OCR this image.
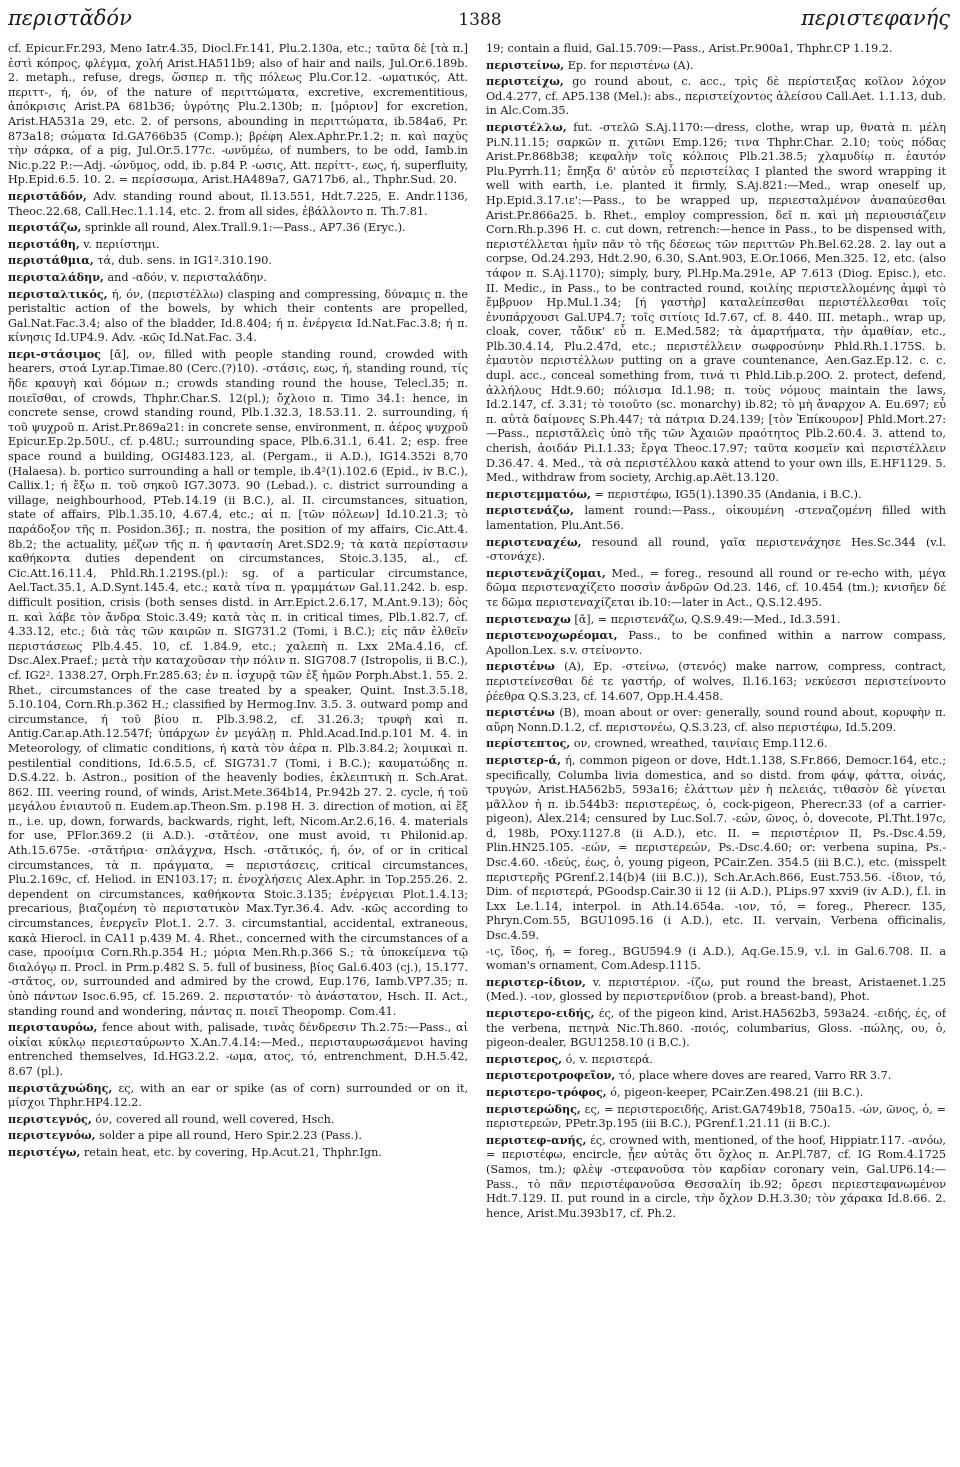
περιστᾰδόν	1388	περιστεφανής

cf. Epicur.Fr.293, Meno Iatr.4.35, Diocl.Fr.141, Plu.2.130a, etc.; ταῦτα δὲ [τὰ π.] ἐστὶ κόπρος, φλέγμα, χολή Arist.HA511b9; also of hair and nails, Jul.Or.6.189b. 2. metaph., refuse, dregs, ὥσπερ π. τῆς πόλεως Plu.Cor.12. -ωματικός, Att. περιττ-, ή, όν, of the nature of περιττώματα, excretive, excrementitious, ἀπόκρισις Arist.PA 681b36; ὑγρότης Plu.2.130b; π. [μόριον] for excretion, Arist.HA531a 29, etc. 2. of persons, abounding in περιττώματα, ib.584a6, Pr. 873a18; σώματα Id.GA766b35 (Comp.); βρέφη Alex.Aphr.Pr.1.2; π. καὶ παχὺς τὴν σάρκα, of a pig, Jul.Or.5.177c. -ωνῠμέω, of numbers, to be odd, Iamb.in Nic.p.22 P.:—Adj. -ώνῠμος, odd, ib. p.84 P. -ωσις, Att. περίττ-, εως, ή, superfluity, Hp.Epid.6.5. 10. 2. = περίσσωμα, Arist.HA489a7, GA717b6, al., Thphr.Sud. 20.

περιστᾰδόν, Adv. standing round about, Il.13.551, Hdt.7.225, E. Andr.1136, Theoc.22.68, Call.Hec.1.1.14, etc. 2. from all sides, ἐβάλλοντο π. Th.7.81.

περιστάζω, sprinkle all round, Alex.Trall.9.1:—Pass., AP7.36 (Eryc.).

περιστάθη, v. περιίστημι.

περιστάθμια, τά, dub. sens. in IG1².310.190.

περισταλάδην, and -αδόν, v. περισταλάδην.

περισταλτικός, ή, όν, (περιστέλλω) clasping and compressing, δύναμις π. the peristaltic action of the bowels, by which their contents are propelled, Gal.Nat.Fac.3.4; also of the bladder, Id.8.404; ή π. ἐνέργεια Id.Nat.Fac.3.8; ή π. κίνησις Id.UP4.9. Adv. -κῶς Id.Nat.Fac. 3.4.

περι-στάσιμος [ᾰ], ον, filled with people standing round, crowded with hearers, στοά Lyr.ap.Timae.80 (Cerc.(?)10). -στάσις, εως, ή, standing round, τίς ἥδε κραυγὴ καὶ δόμων π.; crowds standing round the house, Telecl.35; π. ποιεῖσθαι, of crowds, Thphr.Char.S. 12(pl.); ὄχλοιο π. Timo 34.1: hence, in concrete sense, crowd standing round, Plb.1.32.3, 18.53.11. 2. surrounding, ή τοῦ ψυχροῦ π. Arist.Pr.869a21: in concrete sense, environment, π. ἀέρος ψυχροῦ Epicur.Ep.2p.50U., cf. p.48U.; surrounding space, Plb.6.31.1, 6.41. 2; esp. free space round a building, OGI483.123, al. (Pergam., ii A.D.), IG14.352i 8,70 (Halaesa). b. portico surrounding a hall or temple, ib.4²(1).102.6 (Epid., iv B.C.), Callix.1; ή ἔξω π. τοῦ σηκοῦ IG7.3073. 90 (Lebad.). c. district surrounding a village, neighbourhood, PTeb.14.19 (ii B.C.), al. II. circumstances, situation, state of affairs, Plb.1.35.10, 4.67.4, etc.; αἱ π. [τῶν πόλεων] Id.10.21.3; τὸ παράδοξον τῆς π. Posidon.36J.; π. nostra, the position of my affairs, Cic.Att.4. 8b.2; the actuality, μέζων τῆς π. ή φαντασίη Aret.SD2.9; τὰ κατὰ περίστασιν καθήκοντα duties dependent on circumstances, Stoic.3.135, al., cf. Cic.Att.16.11.4, Phld.Rh.1.219S.(pl.): sg. of a particular circumstance, Ael.Tact.35.1, A.D.Synt.145.4, etc.; κατὰ τίνα π. γραμμάτων Gal.11.242. b. esp. difficult position, crisis (both senses distd. in Arr.Epict.2.6.17, M.Ant.9.13); δὸς π. καὶ λάβε τὸν ἄνδρα Stoic.3.49; κατὰ τὰς π. in critical times, Plb.1.82.7, cf. 4.33.12, etc.; διὰ τὰς τῶν καιρῶν π. SIG731.2 (Tomi, i B.C.); εἰς πᾶν ἐλθεῖν περιστάσεως Plb.4.45. 10, cf. 1.84.9, etc.; χαλεπὴ π. Lxx 2Ma.4.16, cf. Dsc.Alex.Praef.; μετὰ τὴν καταχοῦσαν τὴν πόλιν π. SIG708.7 (Istropolis, ii B.C.), cf. IG2². 1338.27, Orph.Fr.285.63; ἐν π. ἰσχυρᾷ τῶν ἐξ ἡμῶν Porph.Abst.1. 55. 2. Rhet., circumstances of the case treated by a speaker, Quint. Inst.3.5.18, 5.10.104, Corn.Rh.p.362 H.; classified by Hermog.Inv. 3.5. 3. outward pomp and circumstance, ή τοῦ βίου π. Plb.3.98.2, cf. 31.26.3; τρυφὴ καὶ π. Antig.Car.ap.Ath.12.547f; ὑπάρχων ἐν μεγάλῃ π. Phld.Acad.Ind.p.101 M. 4. in Meteorology, of climatic conditions, ή κατὰ τὸν ἀέρα π. Plb.3.84.2; λοιμικαὶ π. pestilential conditions, Id.6.5.5, cf. SIG731.7 (Tomi, i B.C.); καυματώδης π. D.S.4.22. b. Astron., position of the heavenly bodies, ἐκλειπτικὴ π. Sch.Arat. 862. III. veering round, of winds, Arist.Mete.364b14, Pr.942b 27. 2. cycle, ή τοῦ μεγάλου ἐνιαυτοῦ π. Eudem.ap.Theon.Sm. p.198 H. 3. direction of motion, αἱ ἕξ π., i.e. up, down, forwards, backwards, right, left, Nicom.Ar.2.6,16. 4. materials for use, PFlor.369.2 (ii A.D.). -στᾰτέον, one must avoid, τι Philonid.ap. Ath.15.675e. -στᾰτήρια· σπλάγχνα, Hsch. -στᾰτικός, ή, όν, of or in critical circumstances, τὰ π. πράγματα, = περιστάσεις, critical circumstances, Plu.2.169c, cf. Heliod. in EN103.17; π. ἐνοχλήσεις Alex.Aphr. in Top.255.26. 2. dependent on circumstances, καθήκοντα Stoic.3.135; ἐνέργειαι Plot.1.4.13; precarious, βιαζομένη τὸ περιστατικὸν Max.Tyr.36.4. Adv. -κῶς according to circumstances, ἐνεργεῖν Plot.1. 2.7. 3. circumstantial, accidental, extraneous, κακὰ Hierocl. in CA11 p.439 M. 4. Rhet., concerned with the circumstances of a case, προοίμια Corn.Rh.p.354 H.; μόρια Men.Rh.p.366 S.; τὰ ὑποκείμενα τῷ διαλόγῳ π. Procl. in Prm.p.482 S. 5. full of business, βίος Gal.6.403 (cj.), 15.177. -στᾰτος, ον, surrounded and admired by the crowd, Eup.176, Iamb.VP7.35; π. ὑπὸ πάντων Isoc.6.95, cf. 15.269. 2. περιστατόν· τὸ ἀνάστατον, Hsch. II. Act., standing round and wondering, πάντας π. ποιεῖ Theopomp. Com.41.

περισταυρόω, fence about with, palisade, τινὰς δένδρεσιν Th.2.75:—Pass., αἱ οἰκίαι κύκλῳ περιεσταύρωντο X.An.7.4.14:—Med., περισταυρωσάμενοι having entrenched themselves, Id.HG3.2.2. -ωμα, ατος, τό, entrenchment, D.H.5.42, 8.67 (pl.).

περιστᾰχυώδης, ες, with an ear or spike (as of corn) surrounded or on it, μίσχοι Thphr.HP4.12.2.

περιστεγνός, όν, covered all round, well covered, Hsch.

περιστεγνόω, solder a pipe all round, Hero Spir.2.23 (Pass.).

περιστέγω, retain heat, etc. by covering, Hp.Acut.21, Thphr.Ign.

19; contain a fluid, Gal.15.709:—Pass., Arist.Pr.900a1, Thphr.CP 1.19.2.

περιστείνω, Ep. for περιστένω (A).

περιστείχω, go round about, c. acc., τρὶς δὲ περίστειξας κοῖλον λόχον Od.4.277, cf. AP5.138 (Mel.): abs., περιστείχοντος ἀλείσου Call.Aet. 1.1.13, dub. in Alc.Com.35.

περιστέλλω, fut. -στελῶ S.Aj.1170:—dress, clothe, wrap up, θνατὰ π. μέλη Pi.N.11.15; σαρκῶν π. χιτῶνι Emp.126; τινα Thphr.Char. 2.10; τοὺς πόδας Arist.Pr.868b38; κεφαλὴν τοῖς κόλποις Plb.21.38.5; χλαμυδίῳ π. ἑαυτόν Plu.Pyrrh.11; ἔπηξα δ' αὐτὸν εὖ περιστείλας I planted the sword wrapping it well with earth, i.e. planted it firmly, S.Aj.821:—Med., wrap oneself up, Hp.Epid.3.17.ιε':—Pass., to be wrapped up, περιεσταλμένον ἀναπαύεσθαι Arist.Pr.866a25. b. Rhet., employ compression, δεῖ π. καὶ μὴ περιουσιάζειν Corn.Rh.p.396 H. c. cut down, retrench:—hence in Pass., to be dispensed with, περιστέλλεται ἡμῖν πᾶν τὸ τῆς δέσεως τῶν περιττῶν Ph.Bel.62.28. 2. lay out a corpse, Od.24.293, Hdt.2.90, 6.30, S.Ant.903, E.Or.1066, Men.325. 12, etc. (also τάφον π. S.Aj.1170); simply, bury, Pl.Hp.Ma.291e, AP 7.613 (Diog. Episc.), etc. II. Medic., in Pass., to be contracted round, κοιλίης περιστελλομένης ἀμφὶ τὸ ἔμβρυον Hp.Mul.1.34; [ή γαστὴρ] καταλείπεσθαι περιστέλλεσθαι τοῖς ἐνυπάρχουσι Gal.UP4.7; τοῖς σιτίοις Id.7.67, cf. 8. 440. III. metaph., wrap up, cloak, cover, τἄδικ' εὖ π. E.Med.582; τὰ ἁμαρτήματα, τὴν ἀμαθίαν, etc., Plb.30.4.14, Plu.2.47d, etc.; περιστέλλειν σωφροσύνην Phld.Rh.1.175S. b. ἐμαυτὸν περιστέλλων putting on a grave countenance, Aen.Gaz.Ep.12. c. c. dupl. acc., conceal something from, τινά τι Phld.Lib.p.20O. 2. protect, defend, ἀλλήλους Hdt.9.60; πόλισμα Id.1.98; π. τοὺς νόμους maintain the laws, Id.2.147, cf. 3.31; τὸ τοιοῦτο (sc. monarchy) ib.82; τὸ μὴ ἄναρχον A. Eu.697; εὖ π. αὐτὰ δαίμονες S.Ph.447; τὰ πάτρια D.24.139; [τὸν Ἐπίκουρον] Phld.Mort.27:—Pass., περιστᾰλεὶς ὑπὸ τῆς τῶν Ἀχαιῶν πραότητος Plb.2.60.4. 3. attend to, cherish, ἀοιδάν Pi.I.1.33; ἔργα Theoc.17.97; ταῦτα κοσμεῖν καὶ περιστέλλειν D.36.47. 4. Med., τὰ σὰ περιστέλλου κακὰ attend to your own ills, E.HF1129. 5. Med., withdraw from society, Archig.ap.Aët.13.120.

περιστεμματόω, = περιστέφω, IG5(1).1390.35 (Andania, i B.C.).

περιστενάζω, lament round:—Pass., οἰκουμένη -στεναζομένη filled with lamentation, Plu.Ant.56.

περιστεναχέω, resound all round, γαῖα περιστενάχησε Hes.Sc.344 (v.l. -στονάχε).

περιστενᾰχίζομαι, Med., = foreg., resound all round or re-echo with, μέγα δῶμα περιστεναχίζετο ποσσὶν ἀνδρῶν Od.23. 146, cf. 10.454 (tm.); κνισῆεν δέ τε δῶμα περιστεναχίζεται ib.10:—later in Act., Q.S.12.495.

περιστεναχω [ᾰ], = περιστενάζω, Q.S.9.49:—Med., Id.3.591.

περιστενοχωρέομαι, Pass., to be confined within a narrow compass, Apollon.Lex. s.v. στείνοντο.

περιστένω (A), Ep. -στείνω, (στενός) make narrow, compress, contract, περιστείνεσθαι δέ τε γαστήρ, of wolves, Il.16.163; νεκύεσσι περιστείνοντο ῥέεθρα Q.S.3.23, cf. 14.607, Opp.H.4.458.

περιστένω (B), moan about or over: generally, sound round about, κορυφὴν π. αὔρη Nonn.D.1.2, cf. περιστονέω, Q.S.3.23, cf. also περιστέφω, Id.5.209.

περίστεπτος, ον, crowned, wreathed, ταινίαις Emp.112.6.

περιστερ-ά, ή, common pigeon or dove, Hdt.1.138, S.Fr.866, Democr.164, etc.; specifically, Columba livia domestica, and so distd. from φάψ, φάττα, οἰνάς, τρυγών, Arist.HA562b5, 593a16; ἐλάττων μὲν ἡ πελειάς, τιθασὸν δὲ γίνεται μᾶλλον ἡ π. ib.544b3: περιστερέως, ὁ, cock-pigeon, Pherecr.33 (of a carrier-pigeon), Alex.214; censured by Luc.Sol.7. -εών, ῶνος, ὁ, dovecote, Pl.Tht.197c, d, 198b, POxy.1127.8 (ii A.D.), etc. II. = περιστέριον II, Ps.-Dsc.4.59, Plin.HN25.105. -εών, = περιστερεών, Ps.-Dsc.4.60; or: verbena supina, Ps.-Dsc.4.60. -ιδεύς, έως, ὁ, young pigeon, PCair.Zen. 354.5 (iii B.C.), etc. (misspelt περιστερῆς PGrenf.2.14(b)4 (iii B.C.)), Sch.Ar.Ach.866, Eust.753.56. -ίδιον, τό, Dim. of περιστερά, PGoodsp.Cair.30 ii 12 (ii A.D.), PLips.97 xxvi9 (iv A.D.), f.l. in Lxx Le.1.14, interpol. in Ath.14.654a. -ιον, τό, = foreg., Pherecr. 135, Phryn.Com.55, BGU1095.16 (i A.D.), etc. II. vervain, Verbena officinalis, Dsc.4.59.

-ις, ἴδος, ή, = foreg., BGU594.9 (i A.D.), Aq.Ge.15.9, v.l. in Gal.6.708. II. a woman's ornament, Com.Adesp.1115.

περιστερ-ίδιον, v. περιστέριον. -ίζω, put round the breast, Aristaenet.1.25 (Med.). -ιον, glossed by περιστερνίδιον (prob. a breast-band), Phot.

περιστερο-ειδής, ές, of the pigeon kind, Arist.HA562b3, 593a24. -ειδής, ές, of the verbena, πετηνὰ Nic.Th.860. -ποιός, columbarius, Gloss. -πώλης, ου, ὁ, pigeon-dealer, BGU1258.10 (i B.C.).

περιστερος, ό, v. περιστερά.

περιστεροτροφεῖον, τό, place where doves are reared, Varro RR 3.7.

περιστερο-τρόφος, ό, pigeon-keeper, PCair.Zen.498.21 (iii B.C.).

περιστερώδης, ες, = περιστεροειδής, Arist.GA749b18, 750a15. -ών, ῶνος, ὁ, = περιστερεών, PPetr.3p.195 (iii B.C.), PGrenf.1.21.11 (ii B.C.).

περιστεφ-ανής, ές, crowned with, mentioned, of the hoof, Hippiatr.117. -ανόω, = περιστέφω, encircle, ᾗεν αὐτὰς ὅτι ὅχλος π. Ar.Pl.787, cf. IG Rom.4.1725 (Samos, tm.); φλὲψ -στεφανοῦσα τὸν καρδίαν coronary vein, Gal.UP6.14:—Pass., τὸ πᾶν περιστέφανοῦσα Θεσσαλίη ib.92; ὄρεσι περιεστεφανωμένον Hdt.7.129. II. put round in a circle, τὴν ὄχλον D.H.3.30; τὸν χάρακα Id.8.66. 2. hence, Arist.Mu.393b17, cf. Ph.2.
